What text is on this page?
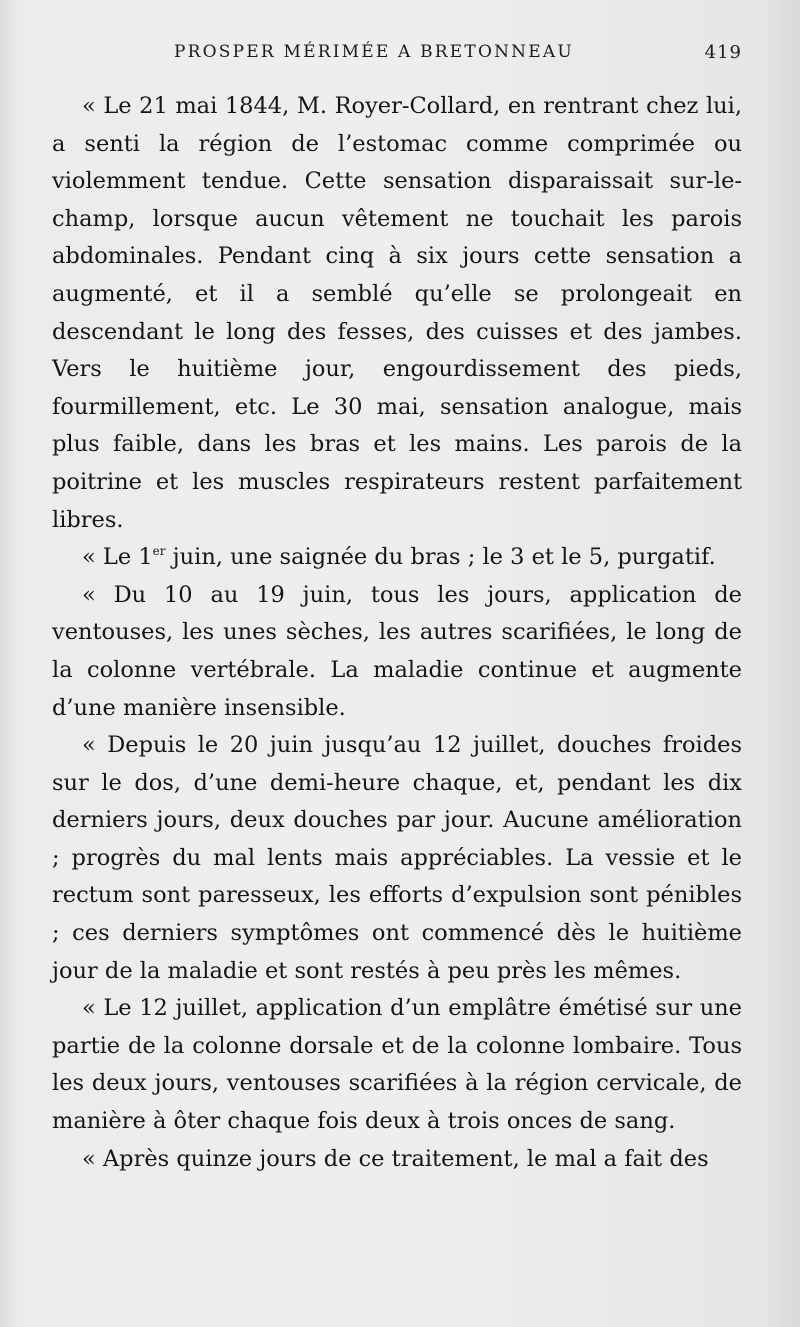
PROSPER MÉRIMÉE A BRETONNEAU	419

« Le 21 mai 1844, M. Royer-Collard, en rentrant chez lui, a senti la région de l’estomac comme comprimée ou violemment tendue. Cette sensation disparaissait sur-le-champ, lorsque aucun vêtement ne touchait les parois abdominales. Pendant cinq à six jours cette sensation a augmenté, et il a semblé qu’elle se prolongeait en descendant le long des fesses, des cuisses et des jambes. Vers le huitième jour, engourdissement des pieds, fourmillement, etc. Le 30 mai, sensation analogue, mais plus faible, dans les bras et les mains. Les parois de la poitrine et les muscles respirateurs restent parfaitement libres.

« Le 1er juin, une saignée du bras ; le 3 et le 5, purgatif.

« Du 10 au 19 juin, tous les jours, application de ventouses, les unes sèches, les autres scarifiées, le long de la colonne vertébrale. La maladie continue et augmente d’une manière insensible.

« Depuis le 20 juin jusqu’au 12 juillet, douches froides sur le dos, d’une demi-heure chaque, et, pendant les dix derniers jours, deux douches par jour. Aucune amélioration ; progrès du mal lents mais appréciables. La vessie et le rectum sont paresseux, les efforts d’expulsion sont pénibles ; ces derniers symptômes ont commencé dès le huitième jour de la maladie et sont restés à peu près les mêmes.

« Le 12 juillet, application d’un emplâtre émétisé sur une partie de la colonne dorsale et de la colonne lombaire. Tous les deux jours, ventouses scarifiées à la région cervicale, de manière à ôter chaque fois deux à trois onces de sang.

« Après quinze jours de ce traitement, le mal a fait des
